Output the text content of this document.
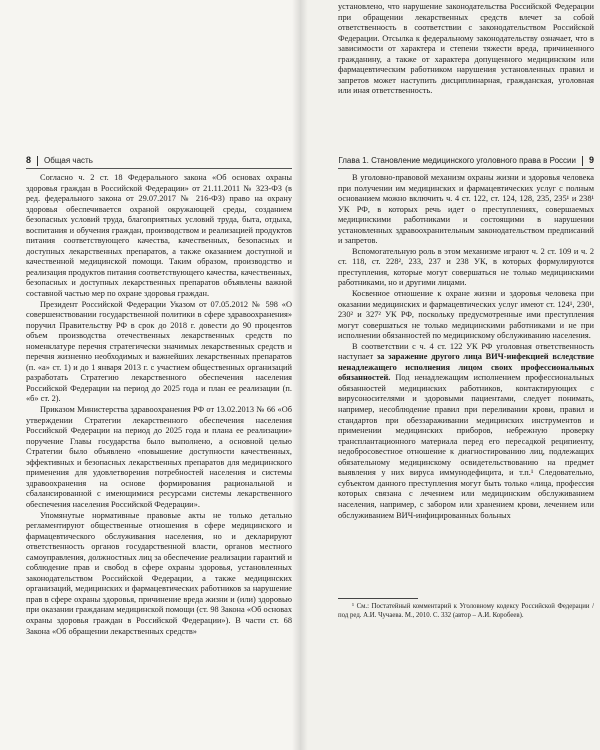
установлено, что нарушение законодательства Российской Федерации при обращении лекарственных средств влечет за собой ответственность в соответствии с законодательством Российской Федерации. Отсылка к федеральному законодательству означает, что в зависимости от характера и степени тяжести вреда, причиненного гражданину, а также от характера допущенного медицинским или фармацевтическим работником нарушения установленных правил и запретов может наступить дисциплинарная, гражданская, уголовная или иная ответственность.

8 Общая часть	Глава 1. Становление медицинского уголовного права в России 9

Согласно ч. 2 ст. 18 Федерального закона «Об основах охраны здоровья граждан в Российской Федерации» от 21.11.2011 № 323-ФЗ (в ред. федерального закона от 29.07.2017 № 216-ФЗ) право на охрану здоровья обеспечивается охраной окружающей среды, созданием безопасных условий труда, благоприятных условий труда, быта, отдыха, воспитания и обучения граждан, производством и реализацией продуктов питания соответствующего качества, качественных, безопасных и доступных лекарственных препаратов, а также оказанием доступной и качественной медицинской помощи. Таким образом, производство и реализация продуктов питания соответствующего качества, качественных, безопасных и доступных лекарственных препаратов объявлены важной составной частью мер по охране здоровья граждан.

Президент Российской Федерации Указом от 07.05.2012 № 598 «О совершенствовании государственной политики в сфере здравоохранения» поручил Правительству РФ в срок до 2018 г. довести до 90 процентов объем производства отечественных лекарственных средств по номенклатуре перечня стратегически значимых лекарственных средств и перечня жизненно необходимых и важнейших лекарственных препаратов (п. «а» ст. 1) и до 1 января 2013 г. с участием общественных организаций разработать Стратегию лекарственного обеспечения населения Российской Федерации на период до 2025 года и план ее реализации (п. «б» ст. 2).

Приказом Министерства здравоохранения РФ от 13.02.2013 № 66 «Об утверждении Стратегии лекарственного обеспечения населения Российской Федерации на период до 2025 года и плана ее реализации» поручение Главы государства было выполнено, а основной целью Стратегии было объявлено «повышение доступности качественных, эффективных и безопасных лекарственных препаратов для медицинского применения для удовлетворения потребностей населения и системы здравоохранения на основе формирования рациональной и сбалансированной с имеющимися ресурсами системы лекарственного обеспечения населения Российской Федерации».

Упомянутые нормативные правовые акты не только детально регламентируют общественные отношения в сфере медицинского и фармацевтического обслуживания населения, но и декларируют ответственность органов государственной власти, органов местного самоуправления, должностных лиц за обеспечение реализации гарантий и соблюдение прав и свобод в сфере охраны здоровья, установленных законодательством Российской Федерации, а также медицинских организаций, медицинских и фармацевтических работников за нарушение прав в сфере охраны здоровья, причинение вреда жизни и (или) здоровью при оказании гражданам медицинской помощи (ст. 98 Закона «Об основах охраны здоровья граждан в Российской Федерации»). В части ст. 68 Закона «Об обращении лекарственных средств»

В уголовно-правовой механизм охраны жизни и здоровья человека при получении им медицинских и фармацевтических услуг с полным основанием можно включить ч. 4 ст. 122, ст. 124, 128, 235, 235¹ и 238¹ УК РФ, в которых речь идет о преступлениях, совершаемых медицинскими работниками и состоящими в нарушении установленных здравоохранительным законодательством предписаний и запретов.

Вспомогательную роль в этом механизме играют ч. 2 ст. 109 и ч. 2 ст. 118, ст. 228², 233, 237 и 238 УК, в которых формулируются преступления, которые могут совершаться не только медицинскими работниками, но и другими лицами.

Косвенное отношение к охране жизни и здоровья человека при оказании медицинских и фармацевтических услуг имеют ст. 124¹, 230¹, 230² и 327² УК РФ, поскольку предусмотренные ими преступления могут совершаться не только медицинскими работниками и не при исполнении обязанностей по медицинскому обслуживанию населения.

В соответствии с ч. 4 ст. 122 УК РФ уголовная ответственность наступает за заражение другого лица ВИЧ-инфекцией вследствие ненадлежащего исполнения лицом своих профессиональных обязанностей. Под ненадлежащим исполнением профессиональных обязанностей медицинских работников, контактирующих с вирусоносителями и здоровыми пациентами, следует понимать, например, несоблюдение правил при переливании крови, правил и стандартов при обеззараживании медицинских инструментов и применении медицинских приборов, небрежную проверку трансплантационного материала перед его пересадкой реципиенту, недобросовестное отношение к диагностированию лиц, подлежащих обязательному медицинскому освидетельствованию на предмет выявления у них вируса иммунодефицита, и т.п.¹ Следовательно, субъектом данного преступления могут быть только «лица, профессия которых связана с лечением или медицинским обслуживанием населения, например, с забором или хранением крови, лечением или обслуживанием ВИЧ-инфицированных больных

¹ См.: Постатейный комментарий к Уголовному кодексу Российской Федерации / под ред. А.И. Чучаева. М., 2010. С. 332 (автор – А.И. Коробеев).
